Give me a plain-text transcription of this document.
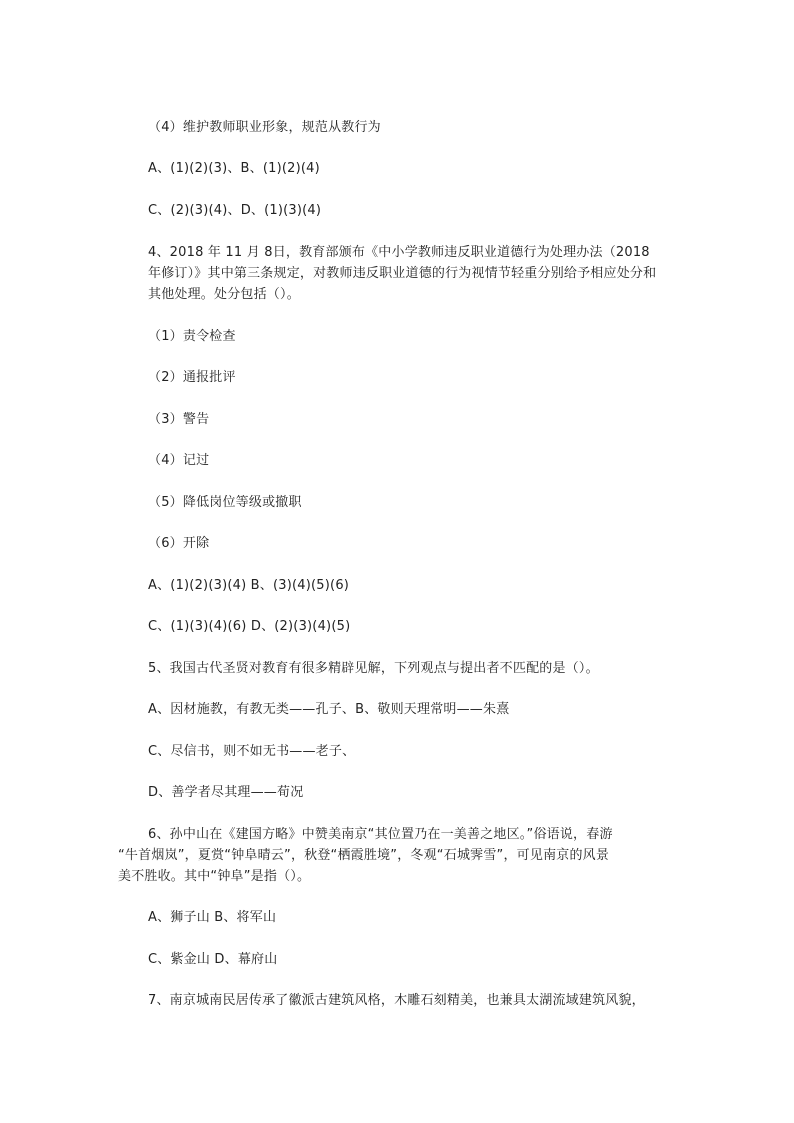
（4）维护教师职业形象，规范从教行为
A、(1)(2)(3)、B、(1)(2)(4)
C、(2)(3)(4)、D、(1)(3)(4)
4、2018 年 11 月 8日，教育部颁布《中小学教师违反职业道德行为处理办法（2018
年修订）》其中第三条规定，对教师违反职业道德的行为视情节轻重分别给予相应处分和
其他处理。处分包括（）。
（1）责令检查
（2）通报批评
（3）警告
（4）记过
（5）降低岗位等级或撤职
（6）开除
A、(1)(2)(3)(4) B、(3)(4)(5)(6)
C、(1)(3)(4)(6) D、(2)(3)(4)(5)
5、我国古代圣贤对教育有很多精辟见解，下列观点与提出者不匹配的是（）。
A、因材施教，有教无类——孔子、B、敬则天理常明——朱熹
C、尽信书，则不如无书——老子、
D、善学者尽其理——荀况
6、孙中山在《建国方略》中赞美南京“其位置乃在一美善之地区。”俗语说，春游
“牛首烟岚”，夏赏“钟阜晴云”，秋登“栖霞胜境”，冬观“石城霁雪”，可见南京的风景
美不胜收。其中“钟阜”是指（）。
A、狮子山 B、将军山
C、紫金山 D、幕府山
7、南京城南民居传承了徽派古建筑风格，木雕石刻精美，也兼具太湖流域建筑风貌，
